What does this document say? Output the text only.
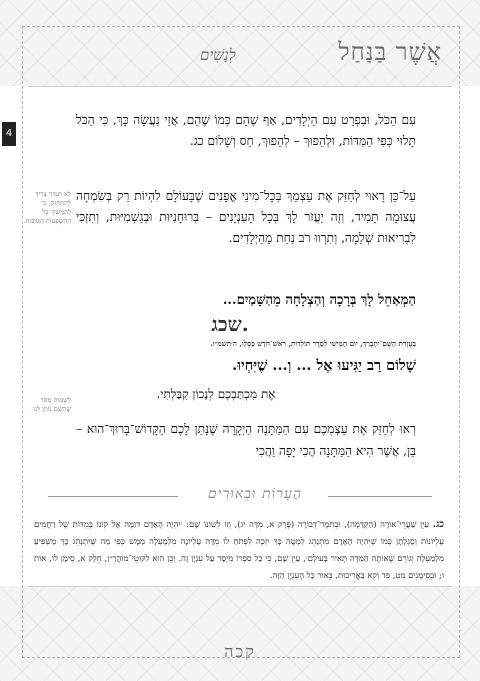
אֲשֶׁר בַּנַּחַל
לְנָשִׁים
4
עִם הַכֹּל, וּבִפְרָט עִם הַיְלָדִים, אַף שֶׁהֵם כְּמוֹ שֶׁהֵם, אֲזַי נַעֲשָׂה כָּךְ, כִּי הַכֹּל תָּלוּי כְּפִי הַמִּדּוֹת, וּלְהֵפוּךְ – לְהֵפוּךְ, חַס וְשָׁלוֹם כג.
לֹא תִּמִּיד צָרִיךְ לְהִתְחַזֵּק, כִּי לְהַמְשִׁיךְ כָּל הַהַשְׁפָּעוֹת הַטּוֹבוֹת.
עַל־כֵּן רָאוּי לְחַזֵּק אֶת עַצְמֵךְ בְּכָל־מִינֵי אֳפָנִים שֶׁבָּעוֹלָם לִהְיוֹת רַק בְּשִׂמְחָה עֲצוּמָה תָּמִיד, וְזֶה יַעֲזֹר לָךְ בְּכָל הָעִנְיָנִים – בְּרוּחָנִיּוּת וּבְגַשְׁמִיּוּת, וְתִזְכִּי לִבְרִיאוּת שְׁלֵמָה, וְתִרְווּ רֹב נַחַת מֵהַיְלָדִים.
הַמְאַחֵל לָךְ בְּרָכָה וְהַצְלָחָה מֵהַשָּׁמַיִם...
שכג.
בְּעֶזְרַת הַשֵּׁם־יִתְבָּרַךְ, יוֹם חֲמִישִׁי לְסֵדֶר תּוֹלְדוֹת, רֹאשׁ־חֹדֶשׁ כִּסְלֵו, ה׳תשמ״ו.
שָׁלוֹם רַב יַגִּיעוּ אֶל ... וְ... שֶׁיִּחְיוּ.
אֶת מִכְתַּבְכֶם לְנָכוֹן קִבַּלְתִּי.
לְשַׁמּוֹת מְאֹד שֶׁהָשֵׁם נוֹתֵן לָנוּ.
רְאוּ לְחַזֵּק אֶת עַצְמְכֶם עִם הַמַּתָּנָה הַיְקָרָה שֶׁנָּתַן לָכֶם הַקָּדוֹשׁ־בָּרוּךְ־הוּא – בֵּן, אֲשֶׁר הִיא הַמַּתָּנָה הֲכִי יָפָה וַהֲכִי
הֶעָרוֹת וּבֵאוּרִים
כג. עַיֵּן שַׁעֲרֵי־אוֹרָה (הַקְדָּמָה), וּבְתֹמֶר־דְּבוֹרָה (פֶּרֶק א, מִדָּה יג), וְזוֹ לְשׁוֹנוֹ שָׁם: ׳יִהְיֶה הָאָדָם דּוֹמֶה אֶל קוֹנוֹ בְּמִדּוֹת שֶׁל רַחֲמִים עֶלְיוֹנוֹת וְסֻגְלָתָן כְּמוֹ שֶׁיִּהְיֶה הָאָדָם מִתְנַהֵג לְמַטָּה כָּךְ יִזְכֶּה לִפְתֹּחַ לוֹ מִדָּה עֶלְיוֹנָה מִלְמַעְלָה מַמָּשׁ כְּפִי מַה שֶּׁיִּתְנַהֵג כָּךְ מַשְׁפִּיעַ מִלְמַעְלָה וְגוֹרֵם שֶׁאוֹתָהּ הַמִּדָּה תָּאִיר בָּעוֹלָם׳, עַיֵּן שָׁם, כִּי כָּל סִפְרוֹ מְיֻסָּד עַל עִנְיָן זֶה. וְכֵן הוּא לִקּוּטֵי־מוֹהֲרַ״ן, חֵלֶק א, סִימָן לו, אוֹת ו; וּבְסִימָנִים מט, פד וְקא בַּאֲרִיכוּת, בֵּאוּר כָּל הָעִנְיָן הַזֶּה.
קכה
